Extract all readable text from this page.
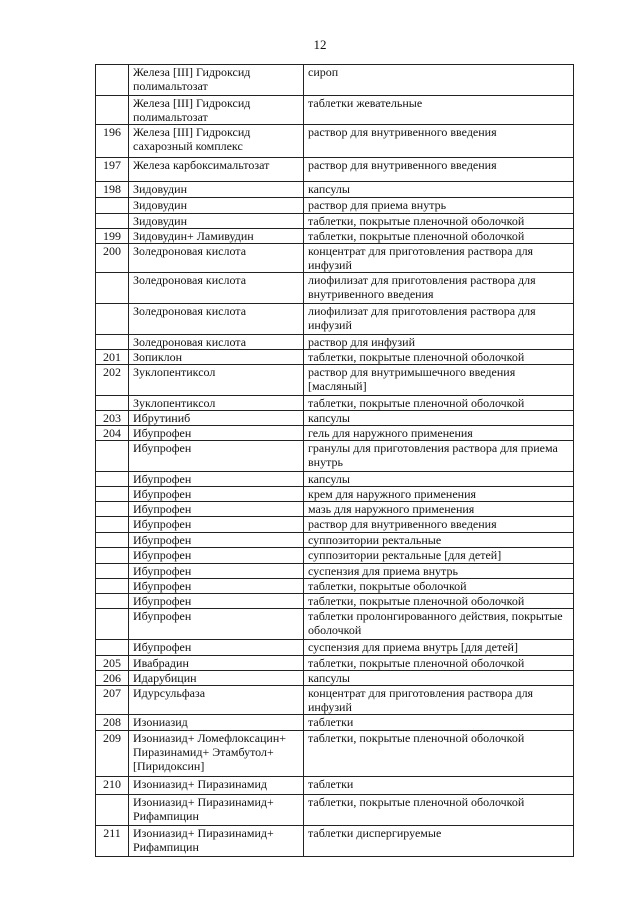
12
	Железа [III] Гидроксид полимальтозат	сироп
	Железа [III] Гидроксид полимальтозат	таблетки жевательные
196	Железа [III] Гидроксид сахарозный комплекс	раствор для внутривенного введения
197	Железа карбоксимальтозат	раствор для внутривенного введения
198	Зидовудин	капсулы
	Зидовудин	раствор для приема внутрь
	Зидовудин	таблетки, покрытые пленочной оболочкой
199	Зидовудин+ Ламивудин	таблетки, покрытые пленочной оболочкой
200	Золедроновая кислота	концентрат для приготовления раствора для инфузий
	Золедроновая кислота	лиофилизат для приготовления раствора для внутривенного введения
	Золедроновая кислота	лиофилизат для приготовления раствора для инфузий
	Золедроновая кислота	раствор для инфузий
201	Зопиклон	таблетки, покрытые пленочной оболочкой
202	Зуклопентиксол	раствор для внутримышечного введения [масляный]
	Зуклопентиксол	таблетки, покрытые пленочной оболочкой
203	Ибрутиниб	капсулы
204	Ибупрофен	гель для наружного применения
	Ибупрофен	гранулы для приготовления раствора для приема внутрь
	Ибупрофен	капсулы
	Ибупрофен	крем для наружного применения
	Ибупрофен	мазь для наружного применения
	Ибупрофен	раствор для внутривенного введения
	Ибупрофен	суппозитории ректальные
	Ибупрофен	суппозитории ректальные [для детей]
	Ибупрофен	суспензия для приема внутрь
	Ибупрофен	таблетки, покрытые оболочкой
	Ибупрофен	таблетки, покрытые пленочной оболочкой
	Ибупрофен	таблетки пролонгированного действия, покрытые оболочкой
	Ибупрофен	суспензия для приема внутрь [для детей]
205	Ивабрадин	таблетки, покрытые пленочной оболочкой
206	Идарубицин	капсулы
207	Идурсульфаза	концентрат для приготовления раствора для инфузий
208	Изониазид	таблетки
209	Изониазид+ Ломефлоксацин+ Пиразинамид+ Этамбутол+ [Пиридоксин]	таблетки, покрытые пленочной оболочкой
210	Изониазид+ Пиразинамид	таблетки
	Изониазид+ Пиразинамид+ Рифампицин	таблетки, покрытые пленочной оболочкой
211	Изониазид+ Пиразинамид+ Рифампицин	таблетки диспергируемые
